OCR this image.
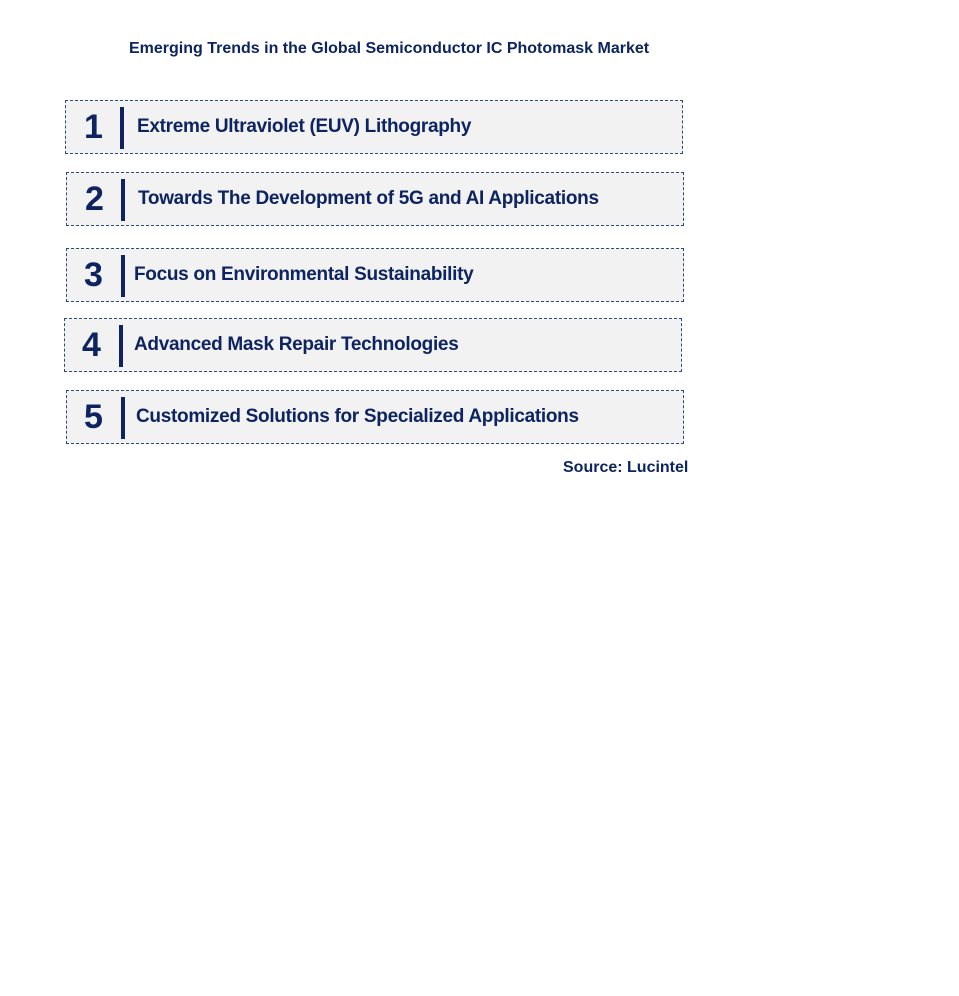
Emerging Trends in the Global Semiconductor IC Photomask Market
1 Extreme Ultraviolet (EUV) Lithography
2 Towards The Development of 5G and AI Applications
3 Focus on Environmental Sustainability
4 Advanced Mask Repair Technologies
5 Customized Solutions for Specialized Applications
Source: Lucintel
